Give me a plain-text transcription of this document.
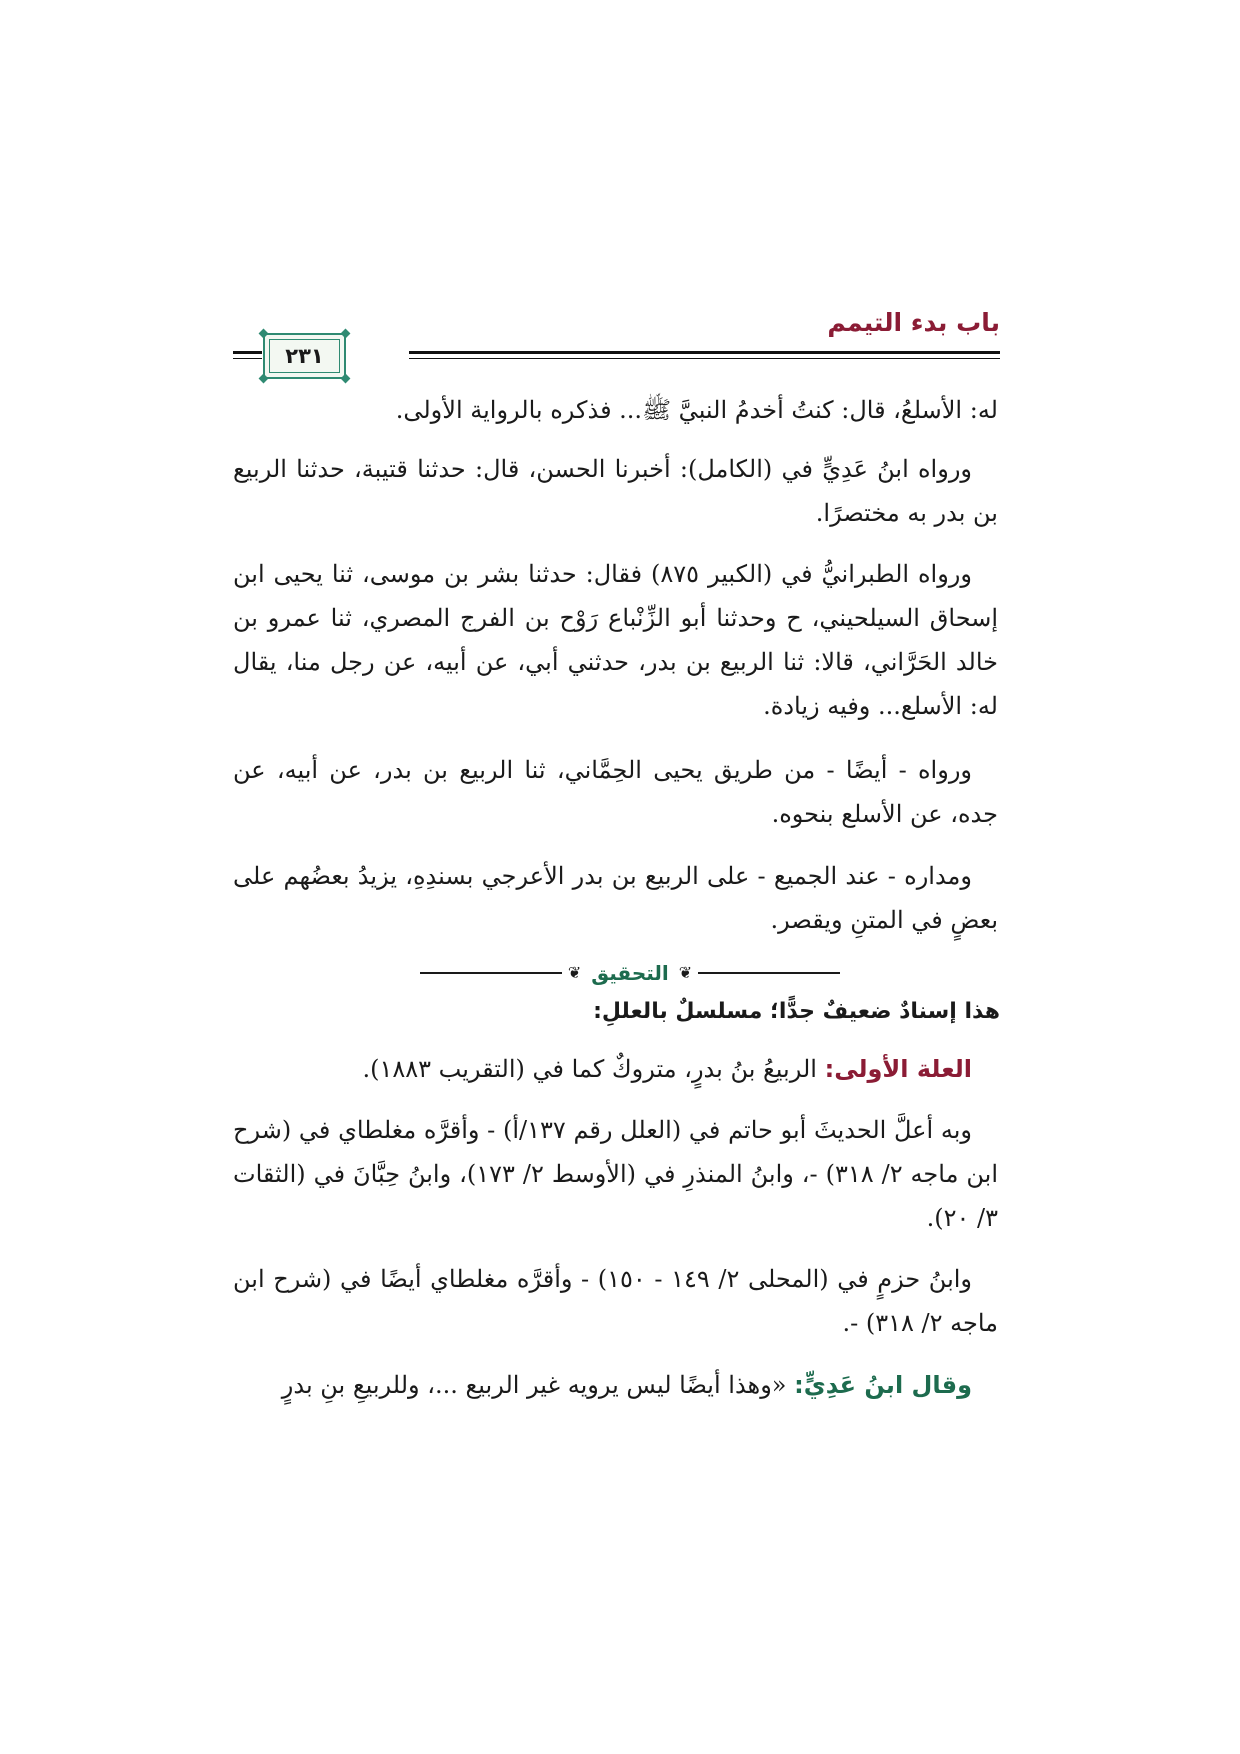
باب بدء التيمم
٢٣١
له: الأسلعُ، قال: كنتُ أخدمُ النبيَّ ﷺ... فذكره بالرواية الأولى.
ورواه ابنُ عَدِيٍّ في (الكامل): أخبرنا الحسن، قال: حدثنا قتيبة، حدثنا الربيع بن بدر به مختصرًا.
ورواه الطبرانيُّ في (الكبير ٨٧٥) فقال: حدثنا بشر بن موسى، ثنا يحيى ابن إسحاق السيلحيني، ح وحدثنا أبو الزِّنْباع رَوْح بن الفرج المصري، ثنا عمرو بن خالد الحَرَّاني، قالا: ثنا الربيع بن بدر، حدثني أبي، عن أبيه، عن رجل منا، يقال له: الأسلع... وفيه زيادة.
ورواه - أيضًا - من طريق يحيى الحِمَّاني، ثنا الربيع بن بدر، عن أبيه، عن جده، عن الأسلع بنحوه.
ومداره - عند الجميع - على الربيع بن بدر الأعرجي بسندِهِ، يزيدُ بعضُهم على بعضٍ في المتنِ ويقصر.
❦
التحقيق
❦
هذا إسنادٌ ضعيفٌ جدًّا؛ مسلسلٌ بالعللِ:
العلة الأولى: الربيعُ بنُ بدرٍ، متروكٌ كما في (التقريب ١٨٨٣).
وبه أعلَّ الحديثَ أبو حاتم في (العلل رقم ١٣٧/أ) - وأقرَّه مغلطاي في (شرح ابن ماجه ٢/ ٣١٨) -، وابنُ المنذرِ في (الأوسط ٢/ ١٧٣)، وابنُ حِبَّانَ في (الثقات ٣/ ٢٠).
وابنُ حزمٍ في (المحلى ٢/ ١٤٩ - ١٥٠) - وأقرَّه مغلطاي أيضًا في (شرح ابن ماجه ٢/ ٣١٨) -.
وقال ابنُ عَدِيٍّ: «وهذا أيضًا ليس يرويه غير الربيع ...، وللربيعِ بنِ بدرٍ
